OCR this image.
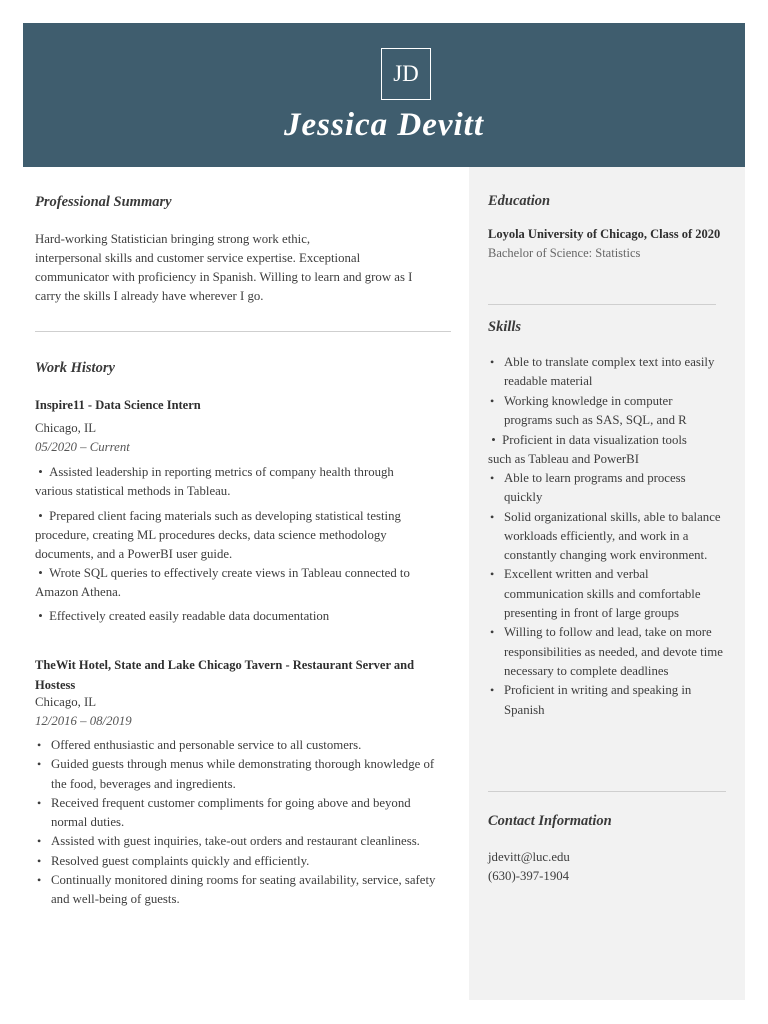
JD
Jessica Devitt
Professional Summary
Hard-working Statistician bringing strong work ethic,
interpersonal skills and customer service expertise. Exceptional
communicator with proficiency in Spanish. Willing to learn and grow as I
carry the skills I already have wherever I go.
Work History
Inspire11 - Data Science Intern
Chicago, IL
05/2020 – Current
•  Assisted leadership in reporting metrics of company health through
various statistical methods in Tableau.
•  Prepared client facing materials such as developing statistical testing
procedure, creating ML procedures decks, data science methodology
documents, and a PowerBI user guide.
•  Wrote SQL queries to effectively create views in Tableau connected to
Amazon Athena.
•  Effectively created easily readable data documentation
TheWit Hotel, State and Lake Chicago Tavern - Restaurant Server and
Hostess
Chicago, IL
12/2016 – 08/2019
• Offered enthusiastic and personable service to all customers.
• Guided guests through menus while demonstrating thorough knowledge of the food, beverages and ingredients.
• Received frequent customer compliments for going above and beyond normal duties.
• Assisted with guest inquiries, take-out orders and restaurant cleanliness.
• Resolved guest complaints quickly and efficiently.
• Continually monitored dining rooms for seating availability, service, safety and well-being of guests.
Education
Loyola University of Chicago, Class of 2020
Bachelor of Science: Statistics
Skills
• Able to translate complex text into easily readable material
• Working knowledge in computer programs such as SAS, SQL, and R
•  Proficient in data visualization tools
such as Tableau and PowerBI
• Able to learn programs and process quickly
• Solid organizational skills, able to balance workloads efficiently, and work in a constantly changing work environment.
• Excellent written and verbal communication skills and comfortable presenting in front of large groups
• Willing to follow and lead, take on more responsibilities as needed, and devote time necessary to complete deadlines
• Proficient in writing and speaking in Spanish
Contact Information
jdevitt@luc.edu
(630)-397-1904
